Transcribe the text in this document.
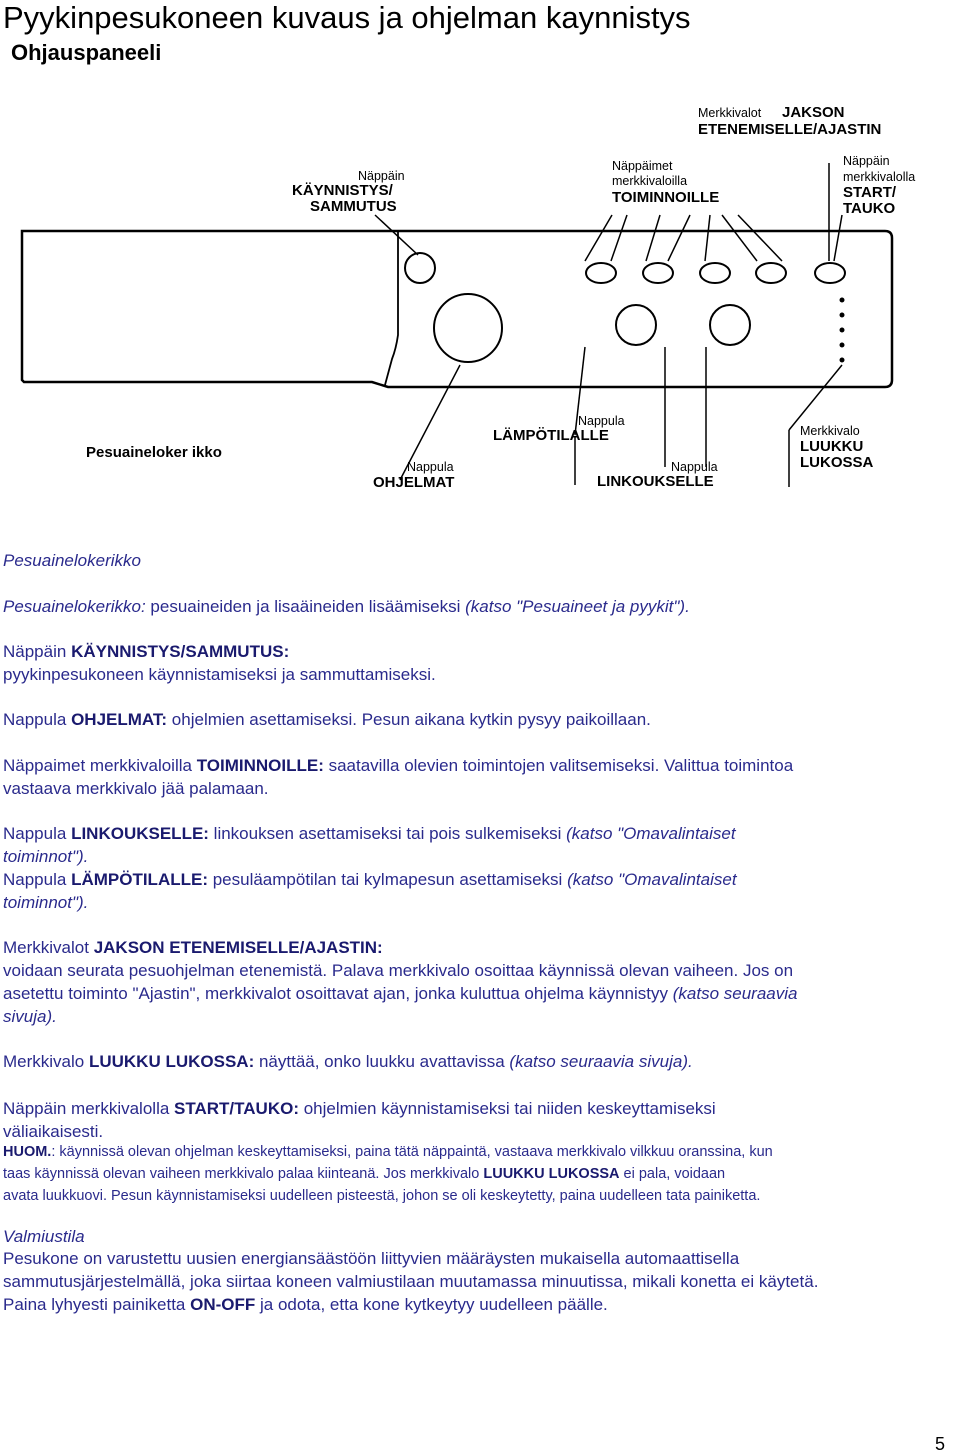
Pyykinpesukoneen kuvaus ja ohjelman kaynnistys
Ohjauspaneeli
Pesuaineloker ikko
Näppäin
KÄYNNISTYS/
SAMMUTUS
Näppäimet
merkkivaloilla
TOIMINNOILLE
Merkkivalot JAKSON
ETENEMISELLE/AJASTIN
Näppäin
merkkivalolla
START/
TAUKO
Nappula
LÄMPÖTILALLE	Merkkivalo
LUUKKU
LUKOSSA
Nappula
OHJELMAT
Nappula
LINKOUKSELLE
Pesuainelokerikko
Pesuainelokerikko: pesuaineiden ja lisaäineiden lisäämiseksi (katso "Pesuaineet ja pyykit").
Näppäin KÄYNNISTYS/SAMMUTUS:
pyykinpesukoneen käynnistamiseksi ja sammuttamiseksi.
Nappula OHJELMAT: ohjelmien asettamiseksi. Pesun aikana kytkin pysyy paikoillaan.
Näppaimet merkkivaloilla TOIMINNOILLE: saatavilla olevien toimintojen valitsemiseksi. Valittua toimintoa
vastaava merkkivalo jää palamaan.
Nappula LINKOUKSELLE: linkouksen asettamiseksi tai pois sulkemiseksi (katso "Omavalintaiset
toiminnot").
Nappula LÄMPÖTILALLE: pesuläampötilan tai kylmapesun asettamiseksi (katso "Omavalintaiset
toiminnot").
Merkkivalot JAKSON ETENEMISELLE/AJASTIN:
voidaan seurata pesuohjelman etenemistä. Palava merkkivalo osoittaa käynnissä olevan vaiheen. Jos on
asetettu toiminto "Ajastin", merkkivalot osoittavat ajan, jonka kuluttua ohjelma käynnistyy (katso seuraavia
sivuja).
Merkkivalo LUUKKU LUKOSSA: näyttää, onko luukku avattavissa (katso seuraavia sivuja).
Näppäin merkkivalolla START/TAUKO: ohjelmien käynnistamiseksi tai niiden keskeyttamiseksi
väliaikaisesti.
HUOM.: käynnissä olevan ohjelman keskeyttamiseksi, paina tätä näppaintä, vastaava merkkivalo vilkkuu oranssina, kun
taas käynnissä olevan vaiheen merkkivalo palaa kiinteanä. Jos merkkivalo LUUKKU LUKOSSA ei pala, voidaan
avata luukkuovi. Pesun käynnistamiseksi uudelleen pisteestä, johon se oli keskeytetty, paina uudelleen tata painiketta.
Valmiustila
Pesukone on varustettu uusien energiansäästöön liittyvien määräysten mukaisella automaattisella
sammutusjärjestelmällä, joka siirtaa koneen valmiustilaan muutamassa minuutissa, mikali konetta ei käytetä.
Paina lyhyesti painiketta ON-OFF ja odota, etta kone kytkeytyy uudelleen päälle.
5
